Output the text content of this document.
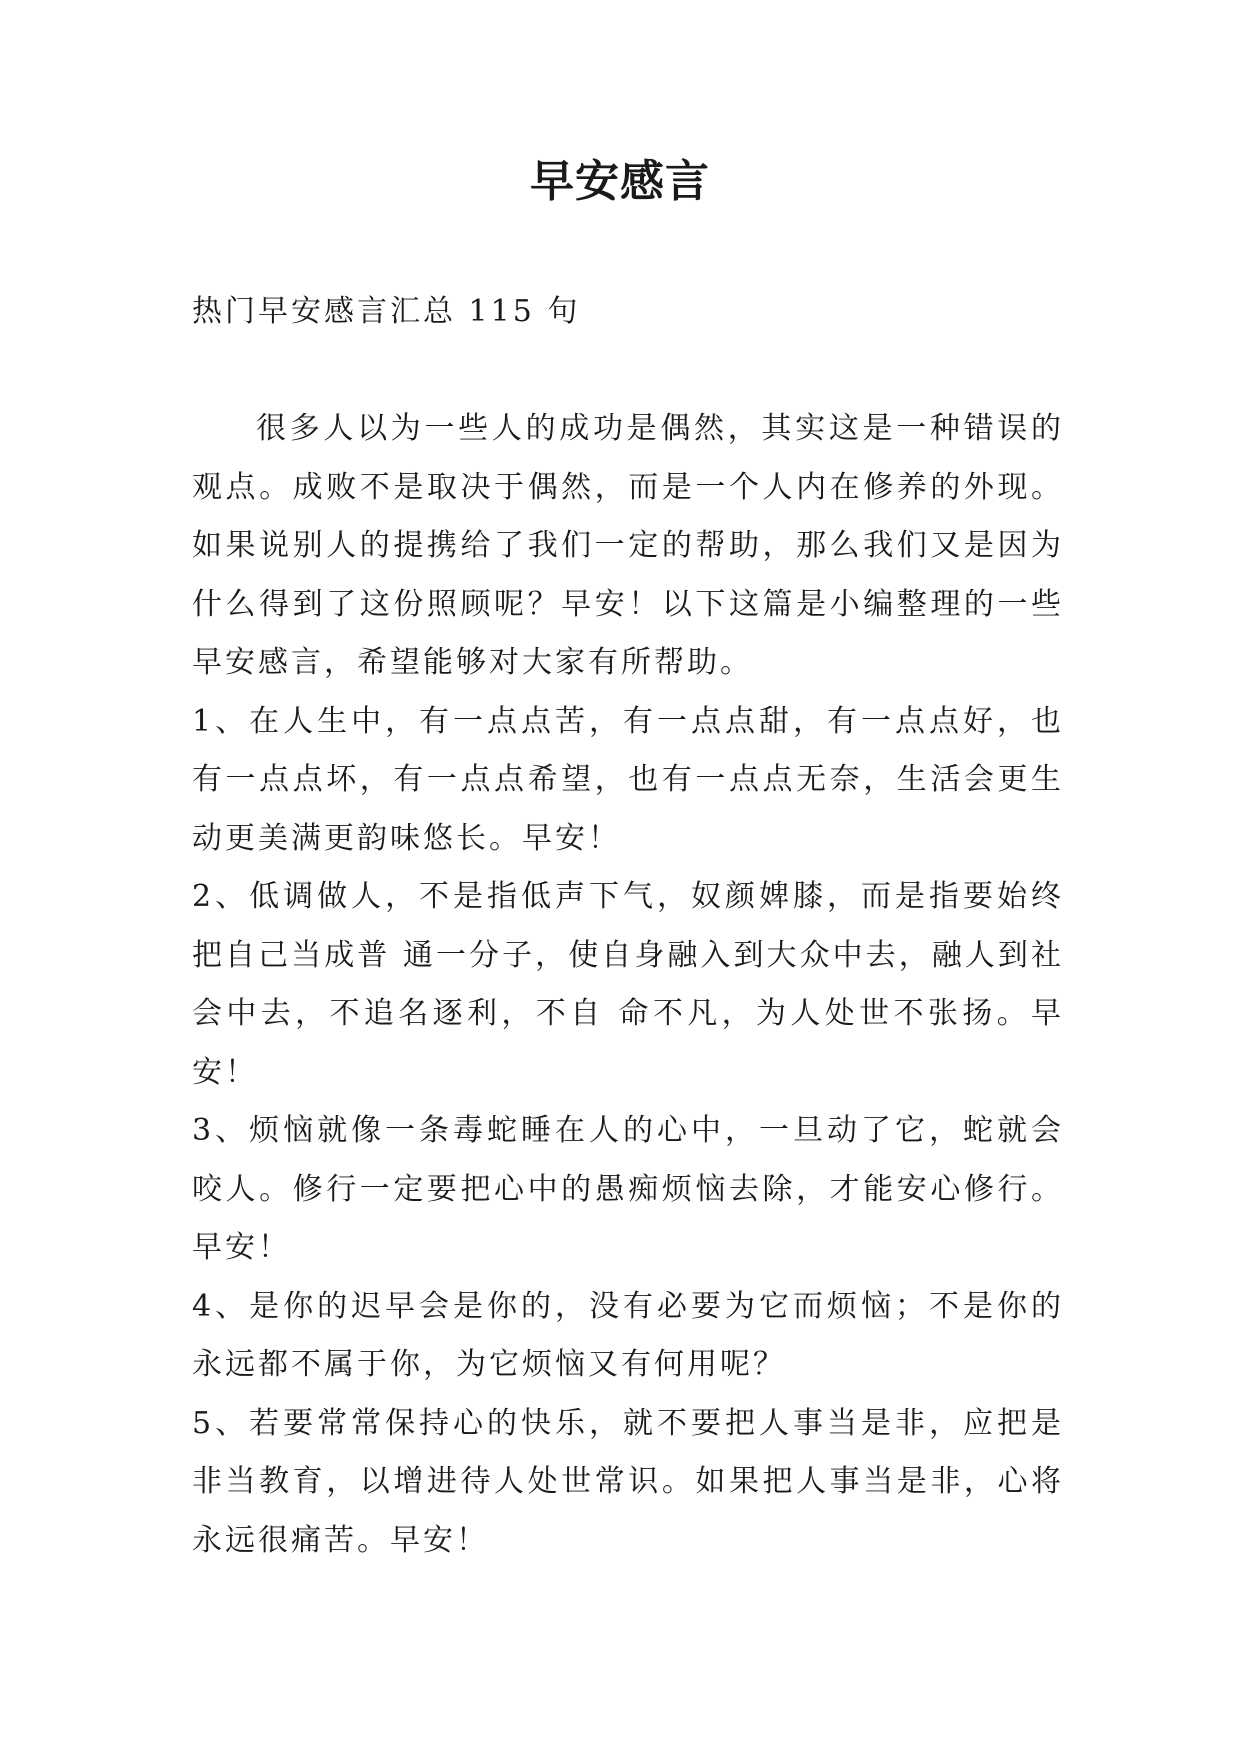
早安感言

热门早安感言汇总 115 句

很多人以为一些人的成功是偶然，其实这是一种错误的观点。成败不是取决于偶然，而是一个人内在修养的外现。如果说别人的提携给了我们一定的帮助，那么我们又是因为什么得到了这份照顾呢？早安！以下这篇是小编整理的一些早安感言，希望能够对大家有所帮助。

1、在人生中，有一点点苦，有一点点甜，有一点点好，也有一点点坏，有一点点希望，也有一点点无奈，生活会更生动更美满更韵味悠长。早安！

2、低调做人，不是指低声下气，奴颜婢膝，而是指要始终把自己当成普 通一分子，使自身融入到大众中去，融人到社会中去，不追名逐利，不自 命不凡，为人处世不张扬。早安！

3、烦恼就像一条毒蛇睡在人的心中，一旦动了它，蛇就会咬人。修行一定要把心中的愚痴烦恼去除，才能安心修行。早安！

4、是你的迟早会是你的，没有必要为它而烦恼；不是你的永远都不属于你，为它烦恼又有何用呢？

5、若要常常保持心的快乐，就不要把人事当是非，应把是非当教育，以增进待人处世常识。如果把人事当是非，心将永远很痛苦。早安！
